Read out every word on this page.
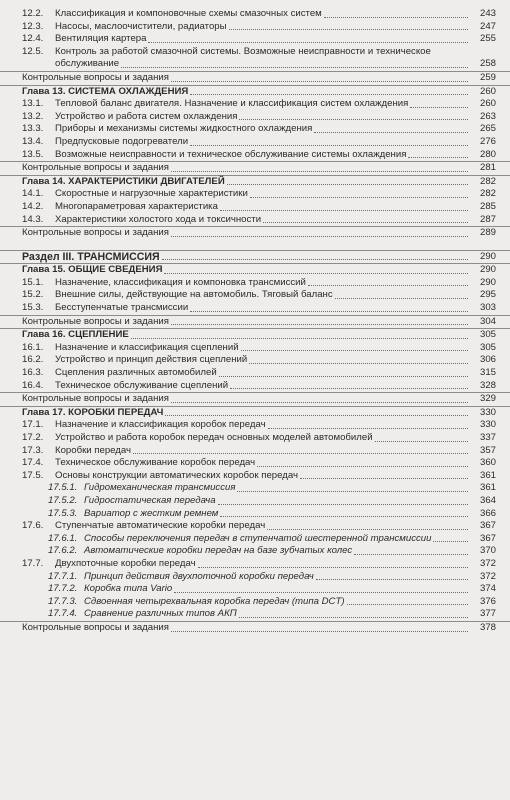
12.2.	Классификация и компоновочные схемы смазочных систем	243
12.3.	Насосы, маслоочистители, радиаторы	247
12.4.	Вентиляция картера	255
12.5.	Контроль за работой смазочной системы. Возможные неисправности и техническое обслуживание	258
Контрольные вопросы и задания	259
Глава 13. СИСТЕМА ОХЛАЖДЕНИЯ	260
13.1.	Тепловой баланс двигателя. Назначение и классификация систем охлаждения	260
13.2.	Устройство и работа систем охлаждения	263
13.3.	Приборы и механизмы системы жидкостного охлаждения	265
13.4.	Предпусковые подогреватели	276
13.5.	Возможные неисправности и техническое обслуживание системы охлаждения	280
Контрольные вопросы и задания	281
Глава 14. ХАРАКТЕРИСТИКИ ДВИГАТЕЛЕЙ	282
14.1.	Скоростные и нагрузочные характеристики	282
14.2.	Многопараметровая характеристика	285
14.3.	Характеристики холостого хода и токсичности	287
Контрольные вопросы и задания	289
Раздел III. ТРАНСМИССИЯ	290
Глава 15. ОБЩИЕ СВЕДЕНИЯ	290
15.1.	Назначение, классификация и компоновка трансмиссий	290
15.2.	Внешние силы, действующие на автомобиль. Тяговый баланс	295
15.3.	Бесступенчатые трансмиссии	303
Контрольные вопросы и задания	304
Глава 16. СЦЕПЛЕНИЕ	305
16.1.	Назначение и классификация сцеплений	305
16.2.	Устройство и принцип действия сцеплений	306
16.3.	Сцепления различных автомобилей	315
16.4.	Техническое обслуживание сцеплений	328
Контрольные вопросы и задания	329
Глава 17. КОРОБКИ ПЕРЕДАЧ	330
17.1.	Назначение и классификация коробок передач	330
17.2.	Устройство и работа коробок передач основных моделей автомобилей	337
17.3.	Коробки передач	357
17.4.	Техническое обслуживание коробок передач	360
17.5.	Основы конструкции автоматических коробок передач	361
17.5.1. Гидромеханическая трансмиссия	361
17.5.2. Гидростатическая передача	364
17.5.3. Вариатор с жестким ремнем	366
17.6.	Ступенчатые автоматические коробки передач	367
17.6.1. Способы переключения передач в ступенчатой шестеренной трансмиссии	367
17.6.2. Автоматические коробки передач на базе зубчатых колес	370
17.7.	Двухпоточные коробки передач	372
17.7.1. Принцип действия двухпоточной коробки передач	372
17.7.2. Коробка типа Vario	374
17.7.3. Сдвоенная четырехвальная коробка передач (типа DCT)	376
17.7.4. Сравнение различных типов АКП	377
Контрольные вопросы и задания	378
